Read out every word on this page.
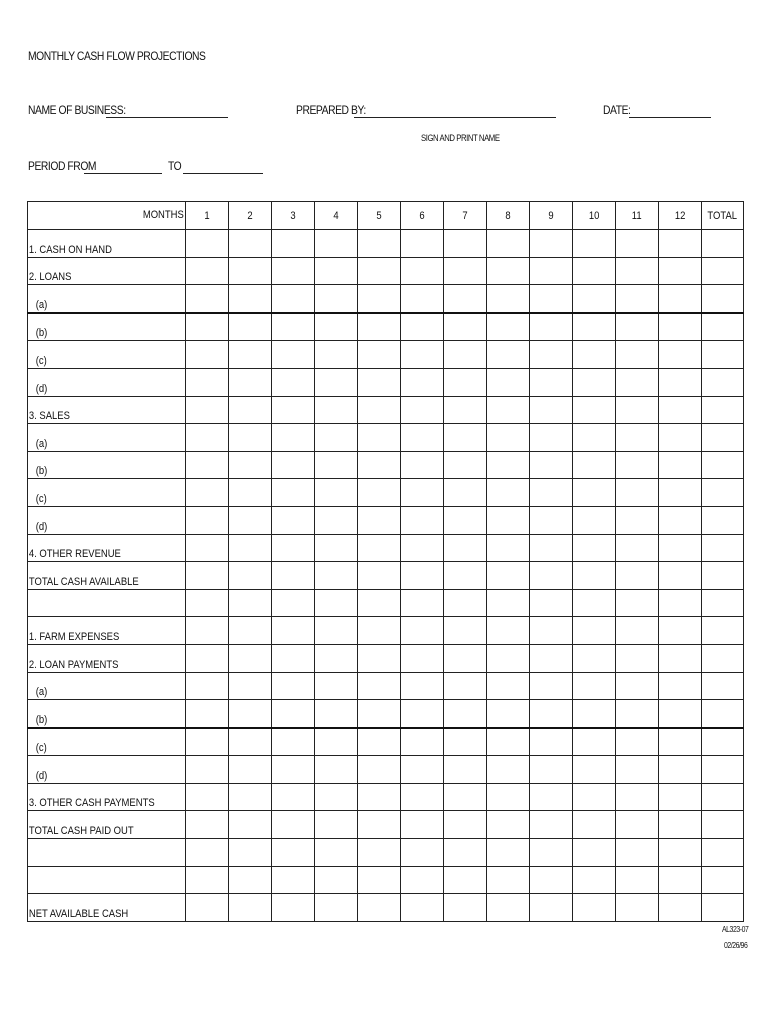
MONTHLY CASH FLOW PROJECTIONS
NAME OF BUSINESS:	PREPARED BY:	DATE:
SIGN AND PRINT NAME
PERIOD FROM	TO
MONTHS	1	2	3	4	5	6	7	8	9	10	11	12	TOTAL
1. CASH ON HAND													
2. LOANS													
(a)													
(b)													
(c)													
(d)													
3. SALES													
(a)													
(b)													
(c)													
(d)													
4. OTHER REVENUE													
TOTAL CASH AVAILABLE													

1. FARM EXPENSES													
2. LOAN PAYMENTS													
(a)													
(b)													
(c)													
(d)													
3. OTHER CASH PAYMENTS													
TOTAL CASH PAID OUT													

NET AVAILABLE CASH													
AL323-07
02/26/96
